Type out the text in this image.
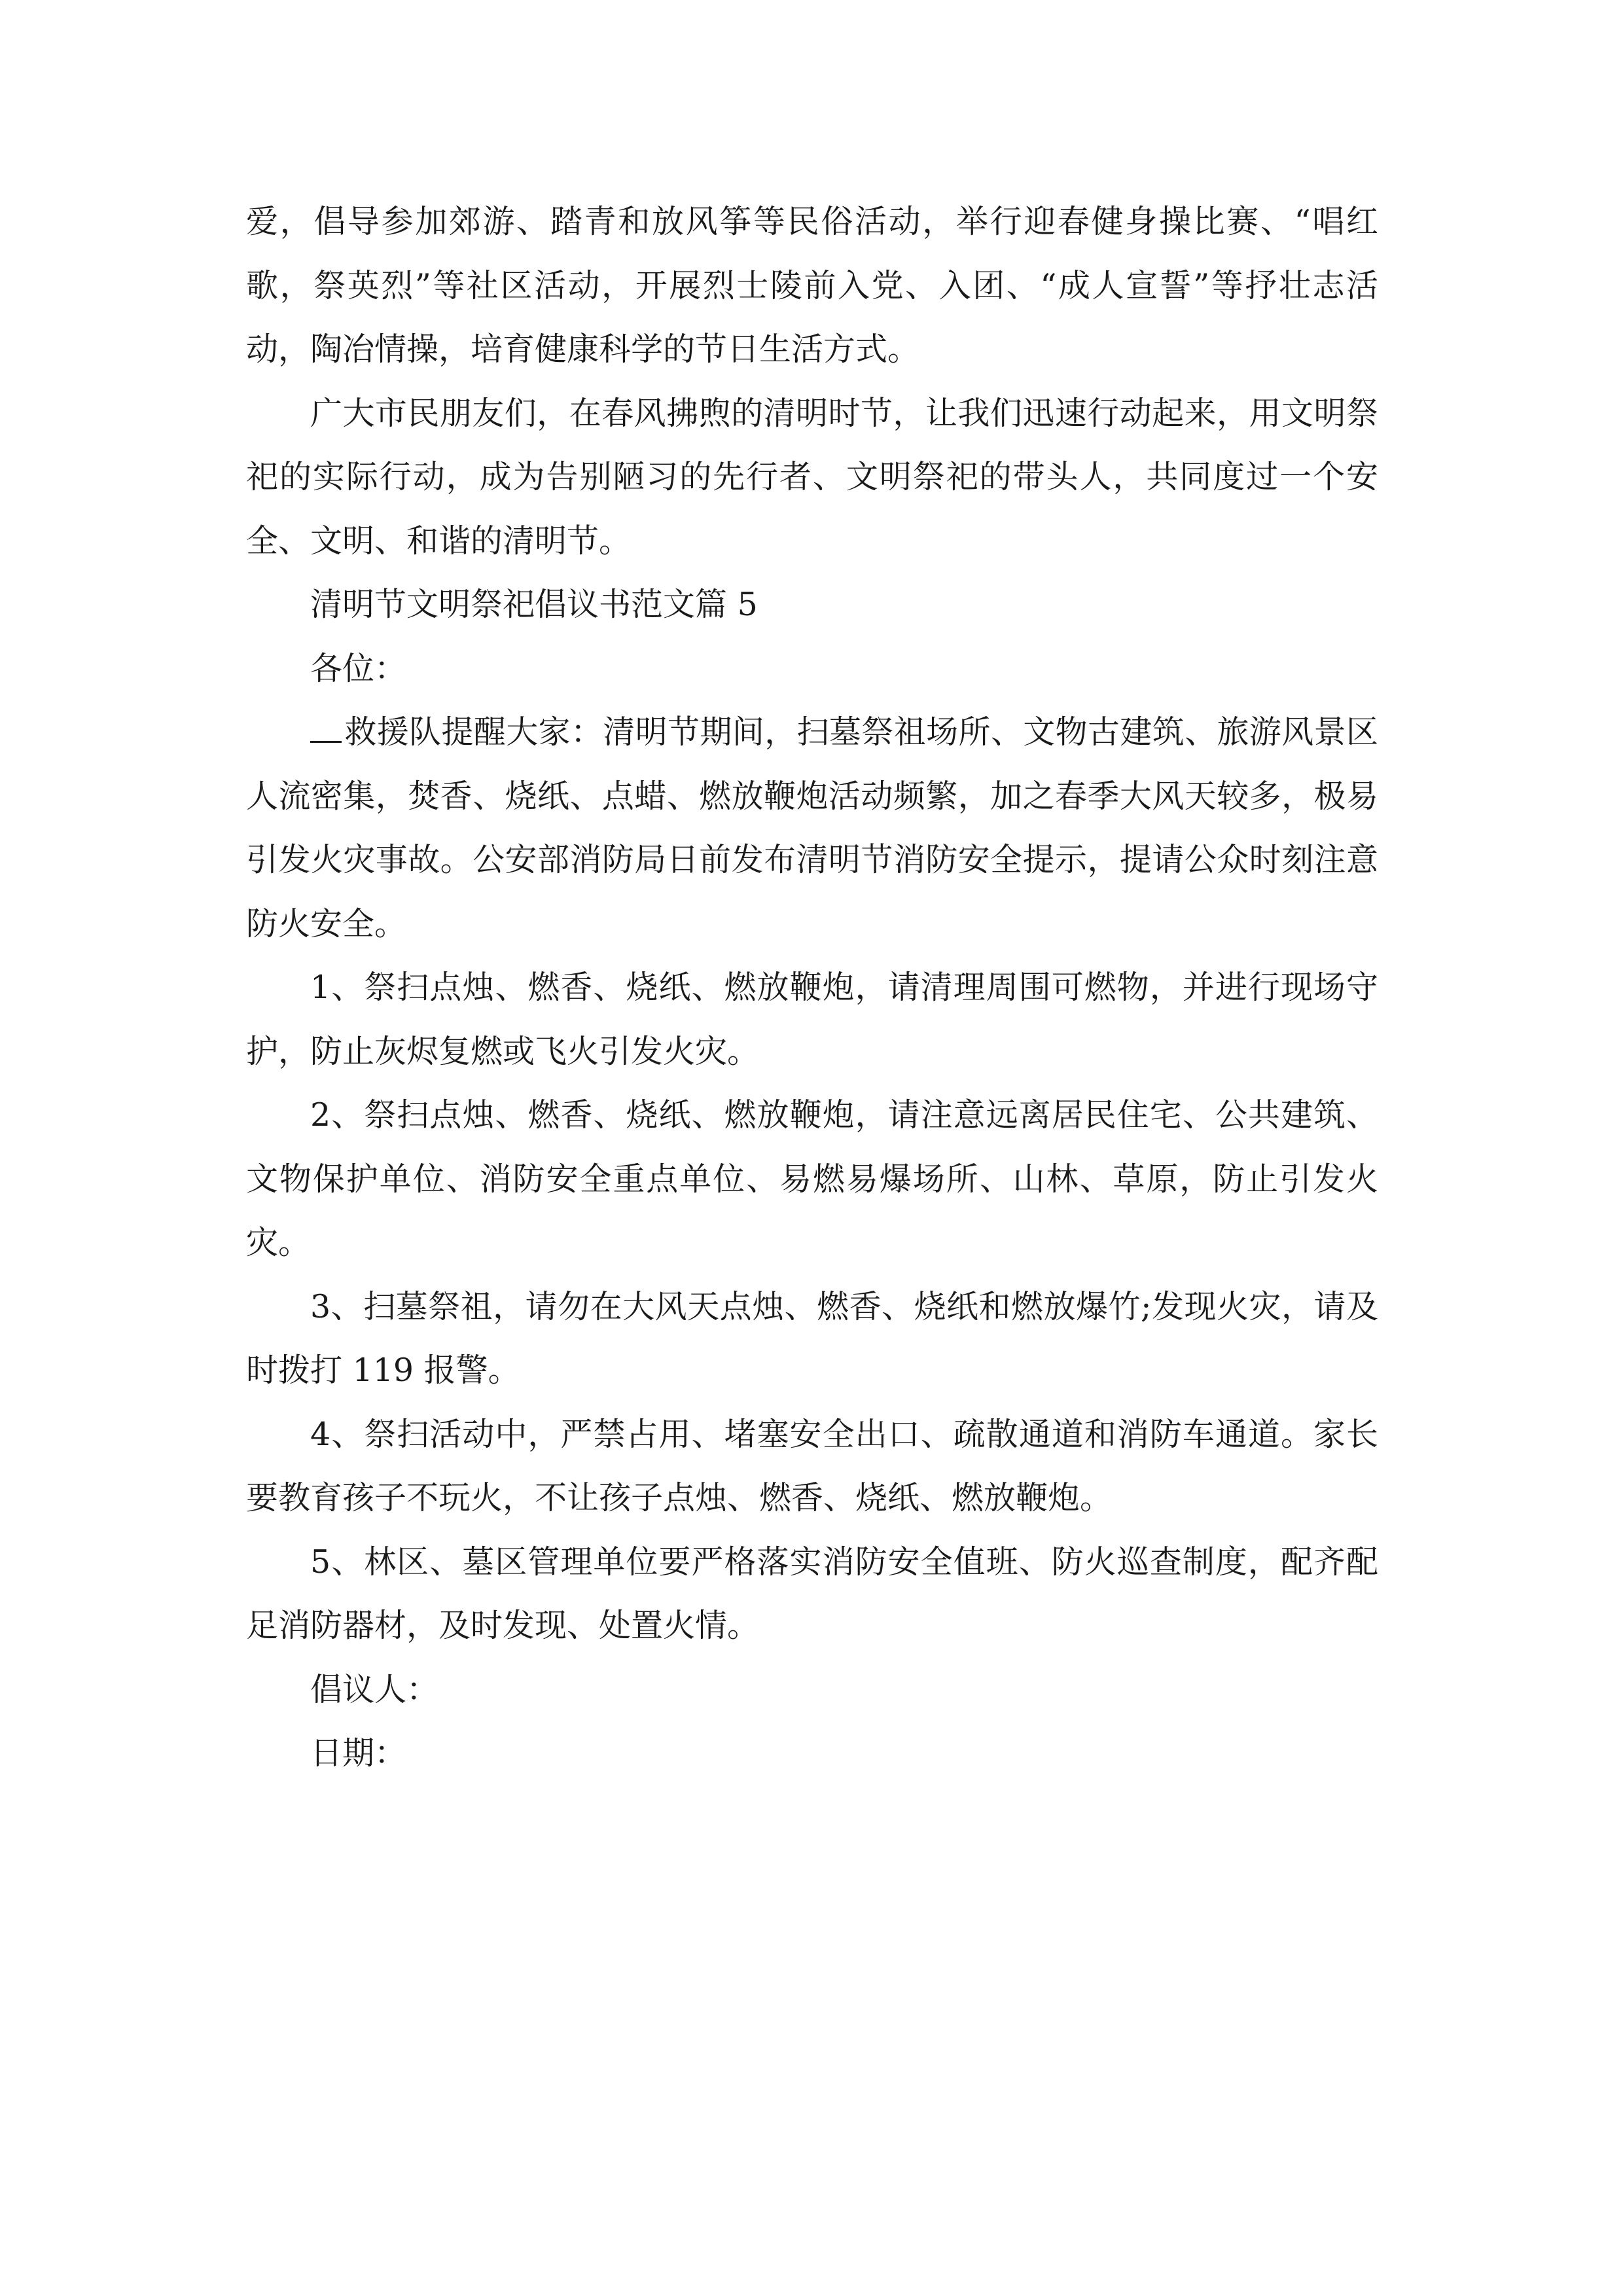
爱，倡导参加郊游、踏青和放风筝等民俗活动，举行迎春健身操比赛、“唱红歌，祭英烈”等社区活动，开展烈士陵前入党、入团、“成人宣誓”等抒壮志活动，陶冶情操，培育健康科学的节日生活方式。

广大市民朋友们，在春风拂煦的清明时节，让我们迅速行动起来，用文明祭祀的实际行动，成为告别陋习的先行者、文明祭祀的带头人，共同度过一个安全、文明、和谐的清明节。

清明节文明祭祀倡议书范文篇 5

各位：

救援队提醒大家：清明节期间，扫墓祭祖场所、文物古建筑、旅游风景区人流密集，焚香、烧纸、点蜡、燃放鞭炮活动频繁，加之春季大风天较多，极易引发火灾事故。公安部消防局日前发布清明节消防安全提示，提请公众时刻注意防火安全。

1、祭扫点烛、燃香、烧纸、燃放鞭炮，请清理周围可燃物，并进行现场守护，防止灰烬复燃或飞火引发火灾。

2、祭扫点烛、燃香、烧纸、燃放鞭炮，请注意远离居民住宅、公共建筑、文物保护单位、消防安全重点单位、易燃易爆场所、山林、草原，防止引发火灾。

3、扫墓祭祖，请勿在大风天点烛、燃香、烧纸和燃放爆竹;发现火灾，请及时拨打 119 报警。

4、祭扫活动中，严禁占用、堵塞安全出口、疏散通道和消防车通道。家长要教育孩子不玩火，不让孩子点烛、燃香、烧纸、燃放鞭炮。

5、林区、墓区管理单位要严格落实消防安全值班、防火巡查制度，配齐配足消防器材，及时发现、处置火情。

倡议人：

日期：
